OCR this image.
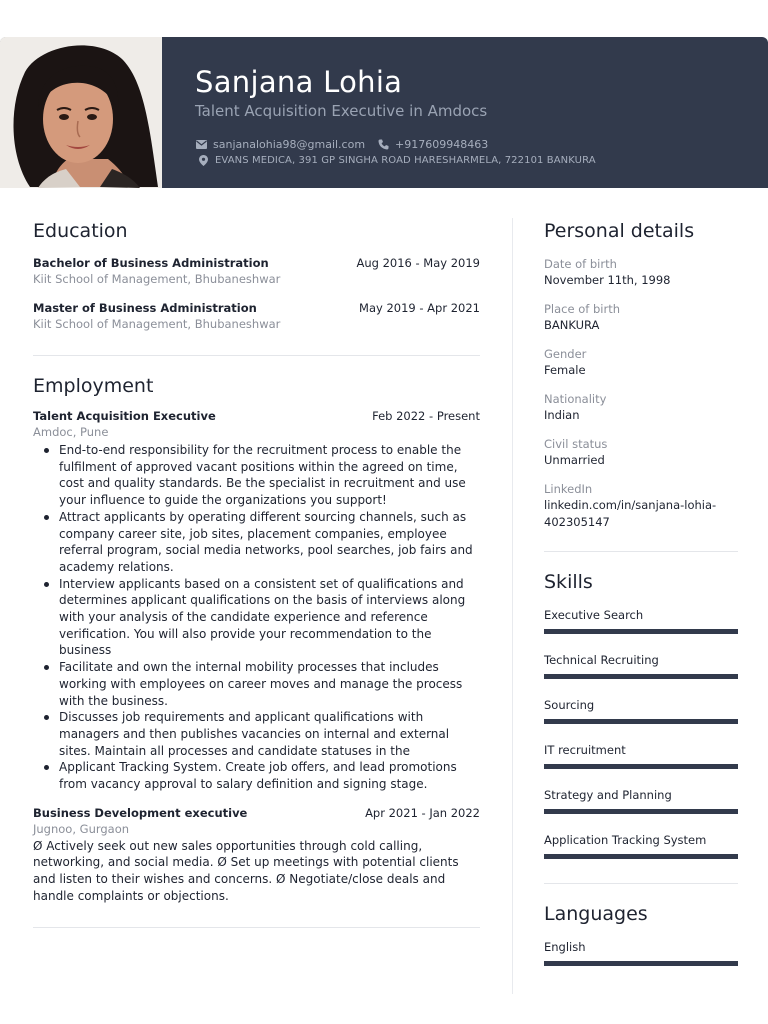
Sanjana Lohia
Talent Acquisition Executive in Amdocs
sanjanalohia98@gmail.com	+917609948463
EVANS MEDICA, 391 GP SINGHA ROAD HARESHARMELA, 722101 BANKURA
Education
Bachelor of Business Administration	Aug 2016 - May 2019
Kiit School of Management, Bhubaneshwar
Master of Business Administration	May 2019 - Apr 2021
Kiit School of Management, Bhubaneshwar
Employment
Talent Acquisition Executive	Feb 2022 - Present
Amdoc, Pune
End-to-end responsibility for the recruitment process to enable the fulfilment of approved vacant positions within the agreed on time, cost and quality standards. Be the specialist in recruitment and use your influence to guide the organizations you support!
Attract applicants by operating different sourcing channels, such as company career site, job sites, placement companies, employee referral program, social media networks, pool searches, job fairs and academy relations.
Interview applicants based on a consistent set of qualifications and determines applicant qualifications on the basis of interviews along with your analysis of the candidate experience and reference verification. You will also provide your recommendation to the business
Facilitate and own the internal mobility processes that includes working with employees on career moves and manage the process with the business.
Discusses job requirements and applicant qualifications with managers and then publishes vacancies on internal and external sites. Maintain all processes and candidate statuses in the
Applicant Tracking System. Create job offers, and lead promotions from vacancy approval to salary definition and signing stage.
Business Development executive	Apr 2021 - Jan 2022
Jugnoo, Gurgaon
Ø Actively seek out new sales opportunities through cold calling, networking, and social media. Ø Set up meetings with potential clients and listen to their wishes and concerns. Ø Negotiate/close deals and handle complaints or objections.
Personal details
Date of birth
November 11th, 1998
Place of birth
BANKURA
Gender
Female
Nationality
Indian
Civil status
Unmarried
LinkedIn
linkedin.com/in/sanjana-lohia-402305147
Skills
Executive Search
Technical Recruiting
Sourcing
IT recruitment
Strategy and Planning
Application Tracking System
Languages
English
